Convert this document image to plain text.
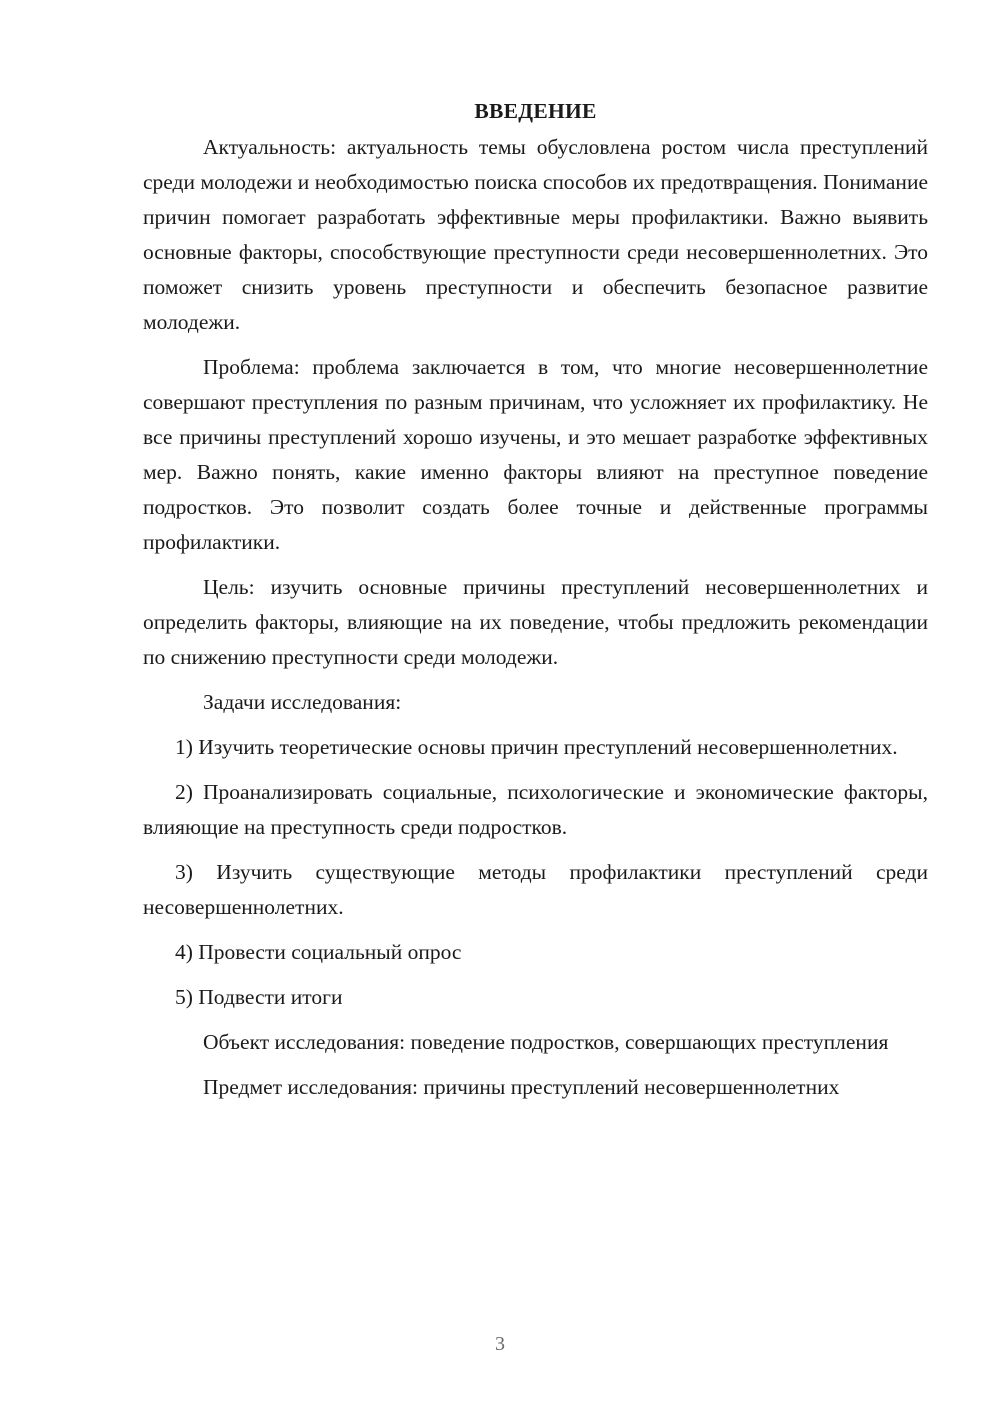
ВВЕДЕНИЕ

Актуальность: актуальность темы обусловлена ростом числа преступлений среди молодежи и необходимостью поиска способов их предотвращения. Понимание причин помогает разработать эффективные меры профилактики. Важно выявить основные факторы, способствующие преступности среди несовершеннолетних. Это поможет снизить уровень преступности и обеспечить безопасное развитие молодежи.

Проблема: проблема заключается в том, что многие несовершеннолетние совершают преступления по разным причинам, что усложняет их профилактику. Не все причины преступлений хорошо изучены, и это мешает разработке эффективных мер. Важно понять, какие именно факторы влияют на преступное поведение подростков. Это позволит создать более точные и действенные программы профилактики.

Цель: изучить основные причины преступлений несовершеннолетних и определить факторы, влияющие на их поведение, чтобы предложить рекомендации по снижению преступности среди молодежи.

Задачи исследования:

1) Изучить теоретические основы причин преступлений несовершеннолетних.

2) Проанализировать социальные, психологические и экономические факторы, влияющие на преступность среди подростков.

3) Изучить существующие методы профилактики преступлений среди несовершеннолетних.

4) Провести социальный опрос

5) Подвести итоги

Объект исследования: поведение подростков, совершающих преступления

Предмет исследования: причины преступлений несовершеннолетних

3
